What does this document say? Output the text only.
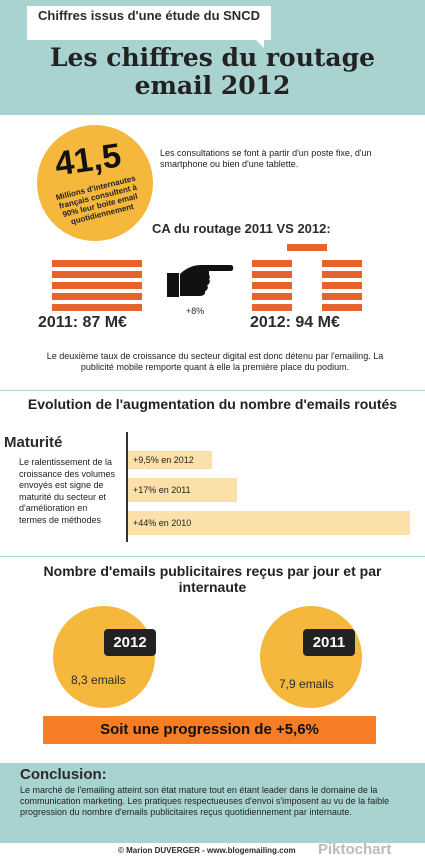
Chiffres issus d'une étude du SNCD
Les chiffres du routage
email 2012
41,5
Millions d'internautes français consultent à 90% leur boite email quotidiennement
Les consultations se font à partir d'un poste fixe, d'un smartphone ou bien d'une tablette.
CA du routage 2011 VS 2012:
2011: 87 M€
+8%
2012: 94 M€
Le deuxième taux de croissance du secteur digital est donc détenu par l'emailing. La publicité mobile remporte quant à elle la première place du podium.
Evolution de l'augmentation du nombre d'emails routés
Maturité
Le ralentissement de la croissance des volumes envoyés est signe de maturité du secteur et d'amélioration en termes de méthodes
+9,5% en 2012
+17% en 2011
+44% en 2010
Nombre d'emails publicitaires reçus par jour et par internaute
2012
8,3 emails
2011
7,9 emails
Soit une progression de +5,6%
Conclusion:
Le marché de l'emailing atteint son état mature tout en étant leader dans le domaine de la communication marketing. Les pratiques respectueuses d'envoi s'imposent au vu de la faible progression du nombre d'emails publicitaires reçus quotidiennement par internaute.
© Marion DUVERGER - www.blogemailing.com Piktochart
